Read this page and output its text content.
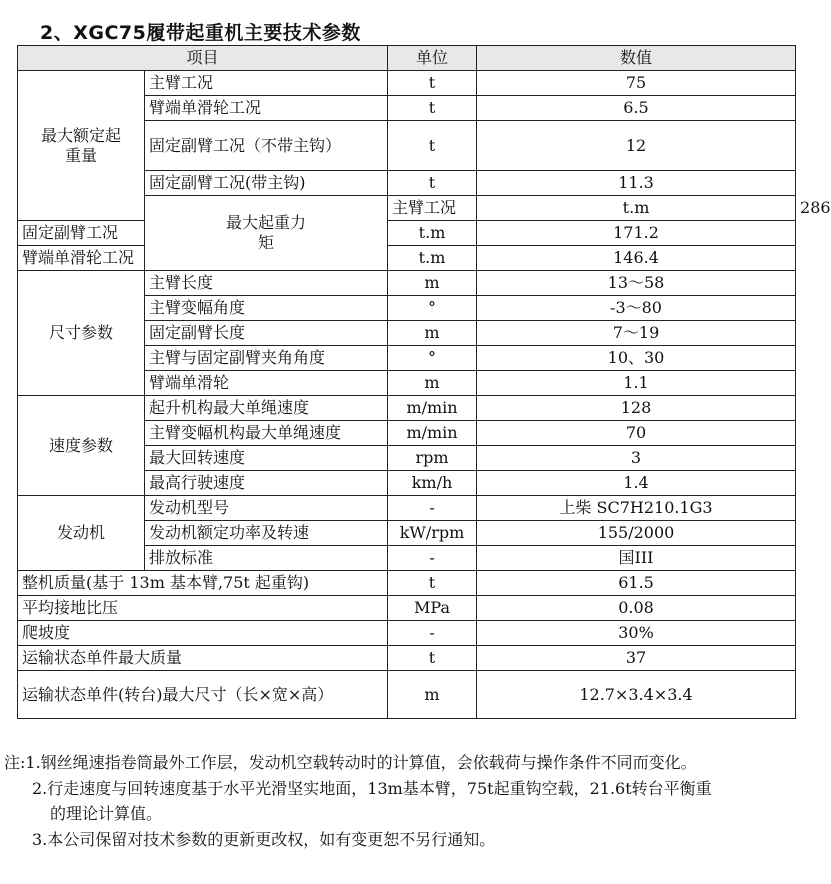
2、XGC75履带起重机主要技术参数
项目		单位	数值	
最大额定起重量	主臂工况	t	75	
	臂端单滑轮工况	t	6.5	
	固定副臂工况（不带主钩）	t	12	
	固定副臂工况(带主钩)	t	11.3	
	最大起重力矩	主臂工况	t.m	286
固定副臂工况		t.m	171.2	
臂端单滑轮工况		t.m	146.4	
尺寸参数	主臂长度	m	13～58	
	主臂变幅角度	°	-3～80	
	固定副臂长度	m	7～19	
	主臂与固定副臂夹角角度	°	10、30	
	臂端单滑轮	m	1.1	
速度参数	起升机构最大单绳速度	m/min	128	
	主臂变幅机构最大单绳速度	m/min	70	
	最大回转速度	rpm	3	
	最高行驶速度	km/h	1.4	
发动机	发动机型号	-	上柴 SC7H210.1G3	
	发动机额定功率及转速	kW/rpm	155/2000	
	排放标准	-	国III	
整机质量(基于 13m 基本臂,75t 起重钩)		t	61.5	
平均接地比压		MPa	0.08	
爬坡度		-	30%	
运输状态单件最大质量		t	37	
运输状态单件(转台)最大尺寸（长×宽×高）		m	12.7×3.4×3.4	
注:1.钢丝绳速指卷筒最外工作层，发动机空载转动时的计算值，会依载荷与操作条件不同而变化。
2.行走速度与回转速度基于水平光滑坚实地面，13m基本臂，75t起重钩空载，21.6t转台平衡重
的理论计算值。
3.本公司保留对技术参数的更新更改权，如有变更恕不另行通知。
